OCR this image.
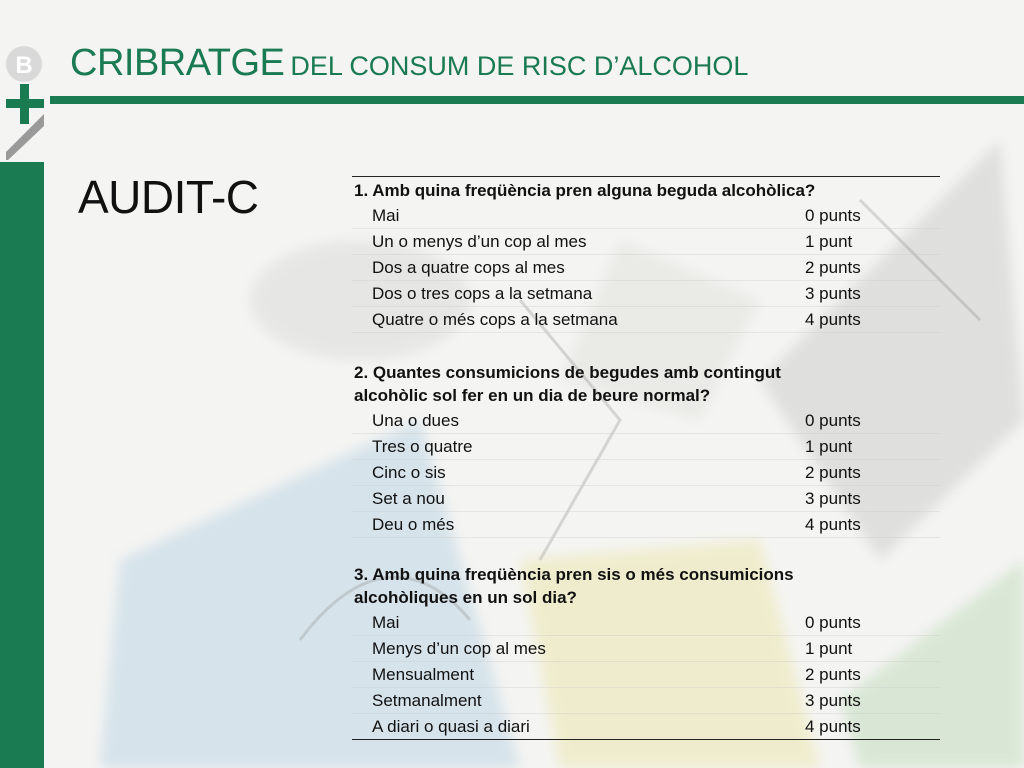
B CRIBRATGE DEL CONSUM DE RISC D’ALCOHOL
AUDIT-C	1. Amb quina freqüència pren alguna beguda alcohòlica?
Mai	0 punts
Un o menys d’un cop al mes	1 punt
Dos a quatre cops al mes	2 punts
Dos o tres cops a la setmana	3 punts
Quatre o més cops a la setmana	4 punts
2. Quantes consumicions de begudes amb contingut
alcohòlic sol fer en un dia de beure normal?
Una o dues	0 punts
Tres o quatre	1 punt
Cinc o sis	2 punts
Set a nou	3 punts
Deu o més	4 punts
3. Amb quina freqüència pren sis o més consumicions
alcohòliques en un sol dia?
Mai	0 punts
Menys d’un cop al mes	1 punt
Mensualment	2 punts
Setmanalment	3 punts
A diari o quasi a diari	4 punts
